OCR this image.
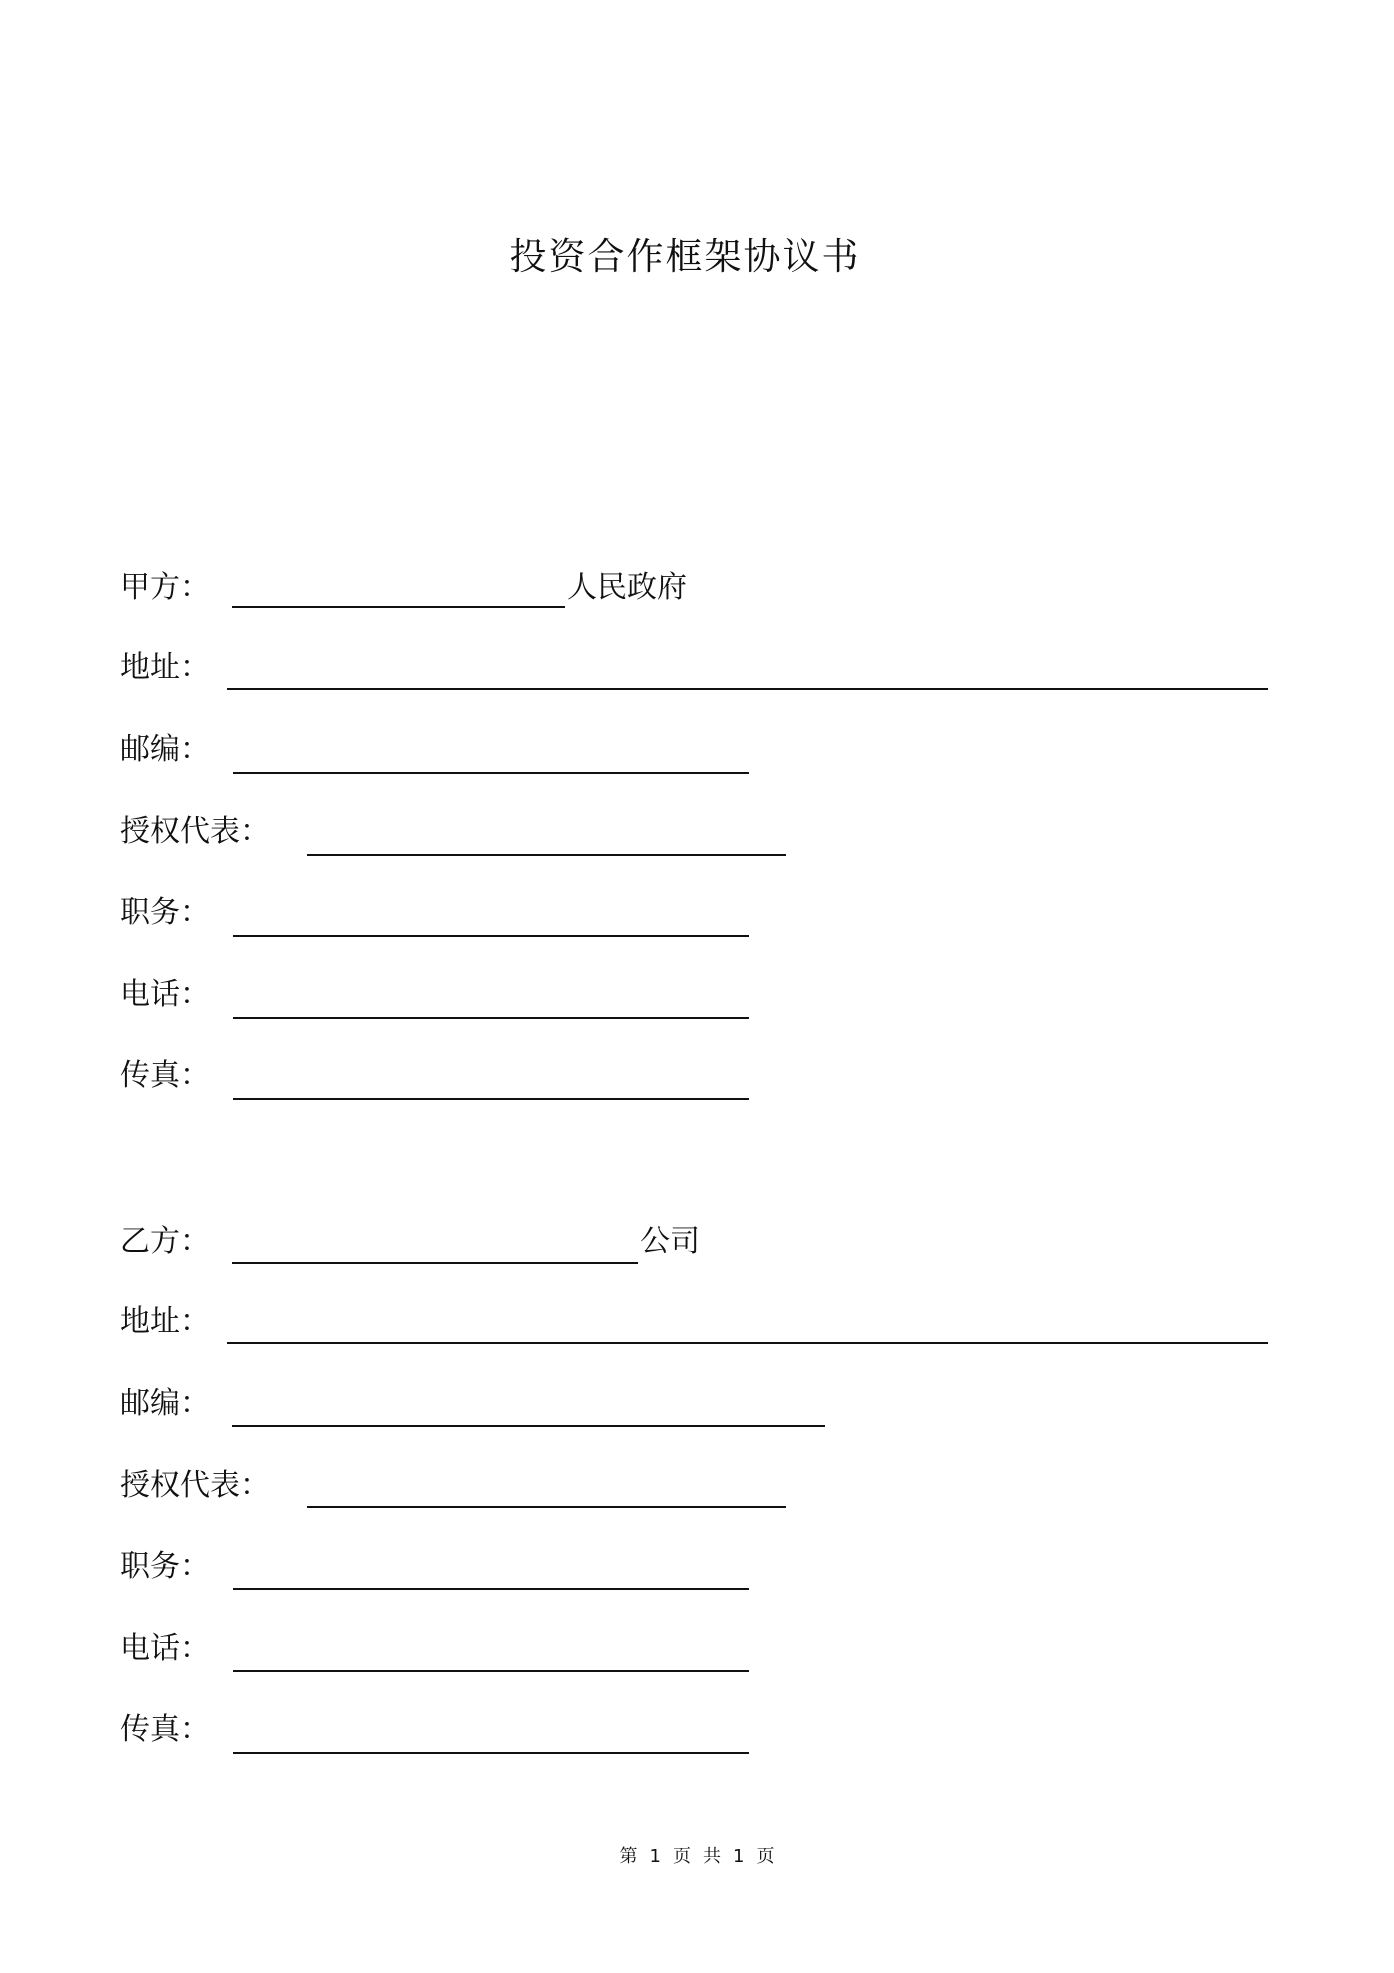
投资合作框架协议书
甲方：	人民政府
地址：
邮编：
授权代表：
职务：
电话：
传真：
乙方：	公司
地址：
邮编：
授权代表：
职务：
电话：
传真：
第 1 页 共 1 页
